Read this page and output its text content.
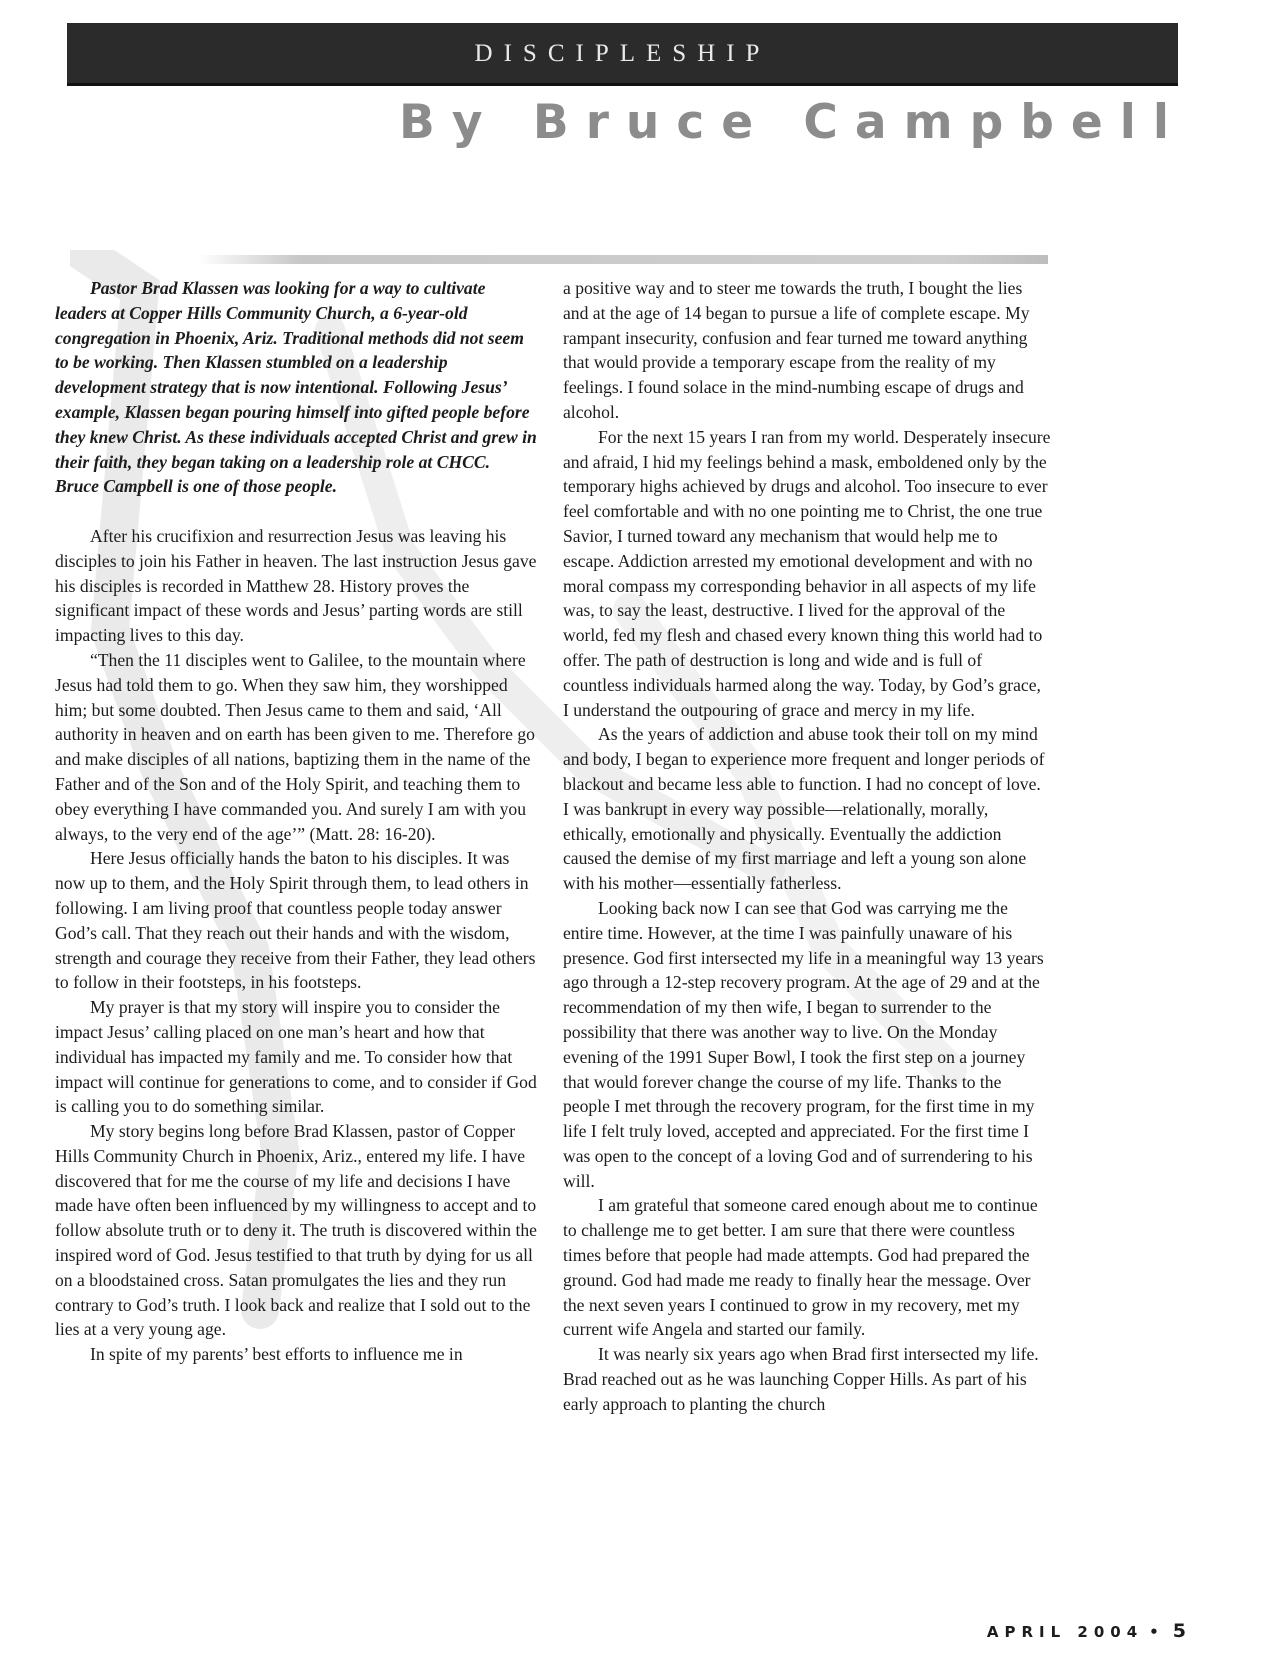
DISCIPLESHIP
By Bruce Campbell

Pastor Brad Klassen was looking for a way to cultivate leaders at Copper Hills Community Church, a 6-year-old congregation in Phoenix, Ariz. Traditional methods did not seem to be working. Then Klassen stumbled on a leadership development strategy that is now intentional. Following Jesus’ example, Klassen began pouring himself into gifted people before they knew Christ. As these individuals accepted Christ and grew in their faith, they began taking on a leadership role at CHCC. Bruce Campbell is one of those people.

After his crucifixion and resurrection Jesus was leaving his disciples to join his Father in heaven. The last instruction Jesus gave his disciples is recorded in Matthew 28. History proves the significant impact of these words and Jesus’ parting words are still impacting lives to this day.

“Then the 11 disciples went to Galilee, to the mountain where Jesus had told them to go. When they saw him, they worshipped him; but some doubted. Then Jesus came to them and said, ‘All authority in heaven and on earth has been given to me. Therefore go and make disciples of all nations, baptizing them in the name of the Father and of the Son and of the Holy Spirit, and teaching them to obey everything I have commanded you. And surely I am with you always, to the very end of the age’” (Matt. 28: 16-20).

Here Jesus officially hands the baton to his disciples. It was now up to them, and the Holy Spirit through them, to lead others in following. I am living proof that countless people today answer God’s call. That they reach out their hands and with the wisdom, strength and courage they receive from their Father, they lead others to follow in their footsteps, in his footsteps.

My prayer is that my story will inspire you to consider the impact Jesus’ calling placed on one man’s heart and how that individual has impacted my family and me. To consider how that impact will continue for generations to come, and to consider if God is calling you to do something similar.

My story begins long before Brad Klassen, pastor of Copper Hills Community Church in Phoenix, Ariz., entered my life. I have discovered that for me the course of my life and decisions I have made have often been influenced by my willingness to accept and to follow absolute truth or to deny it. The truth is discovered within the inspired word of God. Jesus testified to that truth by dying for us all on a bloodstained cross. Satan promulgates the lies and they run contrary to God’s truth. I look back and realize that I sold out to the lies at a very young age.

In spite of my parents’ best efforts to influence me in

a positive way and to steer me towards the truth, I bought the lies and at the age of 14 began to pursue a life of complete escape. My rampant insecurity, confusion and fear turned me toward anything that would provide a temporary escape from the reality of my feelings. I found solace in the mind-numbing escape of drugs and alcohol.

For the next 15 years I ran from my world. Desperately insecure and afraid, I hid my feelings behind a mask, emboldened only by the temporary highs achieved by drugs and alcohol. Too insecure to ever feel comfortable and with no one pointing me to Christ, the one true Savior, I turned toward any mechanism that would help me to escape. Addiction arrested my emotional development and with no moral compass my corresponding behavior in all aspects of my life was, to say the least, destructive. I lived for the approval of the world, fed my flesh and chased every known thing this world had to offer. The path of destruction is long and wide and is full of countless individuals harmed along the way. Today, by God’s grace, I understand the outpouring of grace and mercy in my life.

As the years of addiction and abuse took their toll on my mind and body, I began to experience more frequent and longer periods of blackout and became less able to function. I had no concept of love. I was bankrupt in every way possible—relationally, morally, ethically, emotionally and physically. Eventually the addiction caused the demise of my first marriage and left a young son alone with his mother—essentially fatherless.

Looking back now I can see that God was carrying me the entire time. However, at the time I was painfully unaware of his presence. God first intersected my life in a meaningful way 13 years ago through a 12-step recovery program. At the age of 29 and at the recommendation of my then wife, I began to surrender to the possibility that there was another way to live. On the Monday evening of the 1991 Super Bowl, I took the first step on a journey that would forever change the course of my life. Thanks to the people I met through the recovery program, for the first time in my life I felt truly loved, accepted and appreciated. For the first time I was open to the concept of a loving God and of surrendering to his will.

I am grateful that someone cared enough about me to continue to challenge me to get better. I am sure that there were countless times before that people had made attempts. God had prepared the ground. God had made me ready to finally hear the message. Over the next seven years I continued to grow in my recovery, met my current wife Angela and started our family.

It was nearly six years ago when Brad first intersected my life. Brad reached out as he was launching Copper Hills. As part of his early approach to planting the church

APRIL 2004 • 5
